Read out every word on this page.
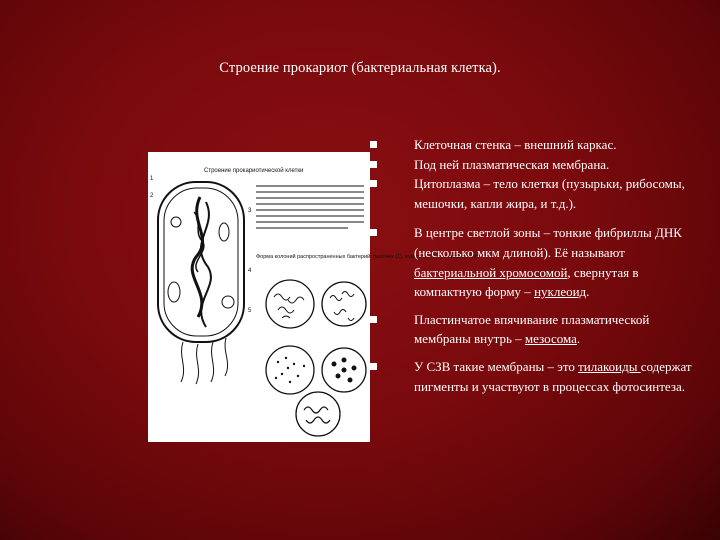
Строение прокариот (бактериальная клетка).
1
2
3
4
5
Строение прокариотической клетки
Форма колоний распространенных бактерий: палочек (1), кокков (2, 3, 4) и спирилл (5)
Клеточная стенка – внешний каркас.
Под ней плазматическая мембрана.
Цитоплазма – тело клетки (пузырьки, рибосомы, мешочки, капли жира, и т.д.).
В центре светлой зоны – тонкие фибриллы ДНК (несколько мкм длиной). Её называют бактериальной хромосомой, свернутая в компактную форму – нуклеоид.
Пластинчатое впячивание плазматической мембраны внутрь – мезосома.
У СЗВ такие мембраны – это тилакоиды содержат пигменты и участвуют в процессах фотосинтеза.
